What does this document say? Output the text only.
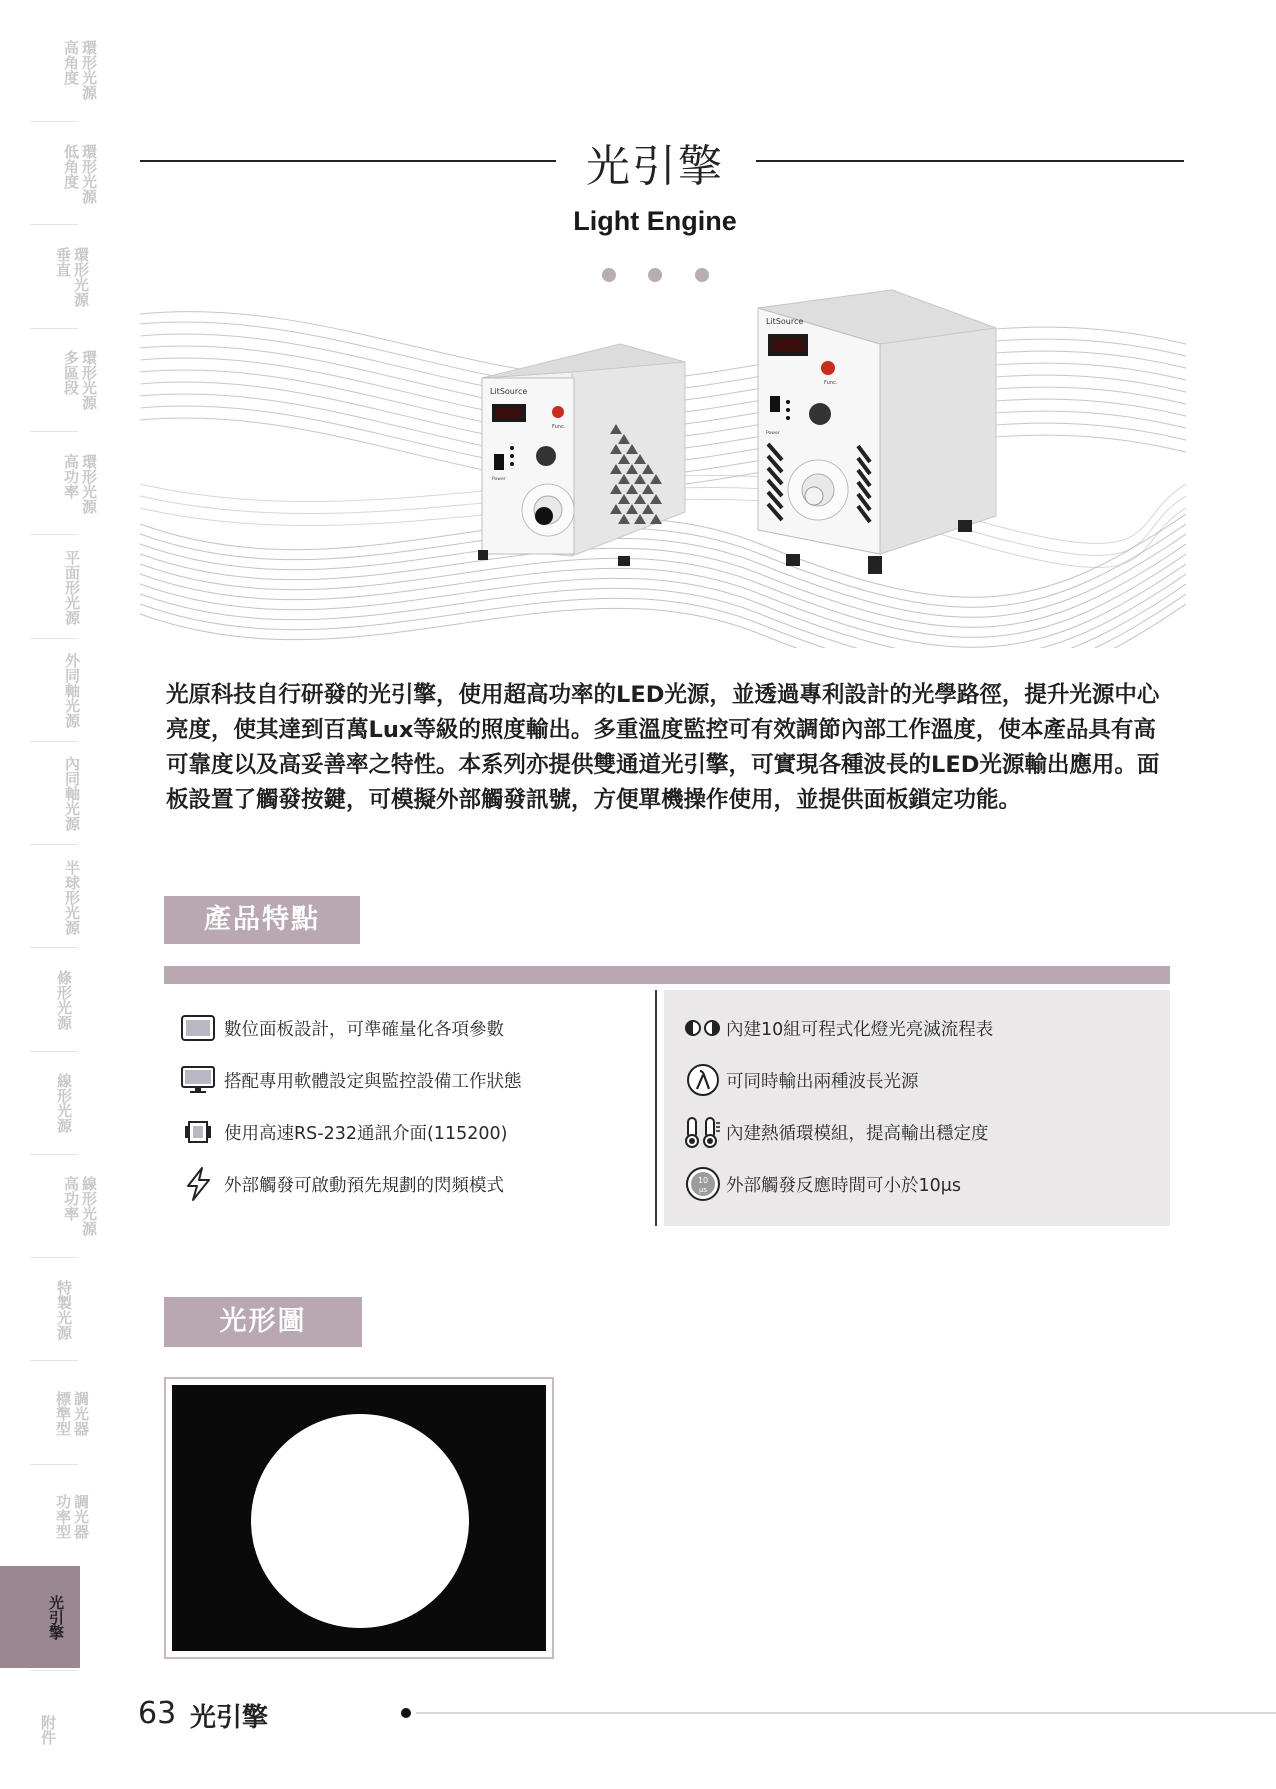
環形光源
高角度
環形光源
低角度
環形光源
垂直
環形光源
多區段
環形光源
高功率
平面形光源
外同軸光源
內同軸光源
半球形光源
條形光源
線形光源
線形光源
高功率
特製光源
調光器
標準型
調光器
功率型
光引擎
附件
光引擎
Light Engine
LitSource
Func.
Power
LitSource
Func.
Power

光原科技自行研發的光引擎，使用超高功率的LED光源，並透過專利設計的光學路徑，提升光源中心亮度，使其達到百萬Lux等級的照度輸出。多重溫度監控可有效調節內部工作溫度，使本產品具有高可靠度以及高妥善率之特性。本系列亦提供雙通道光引擎，可實現各種波長的LED光源輸出應用。面板設置了觸發按鍵，可模擬外部觸發訊號，方便單機操作使用，並提供面板鎖定功能。

產品特點
數位面板設計，可準確量化各項參數
搭配專用軟體設定與監控設備工作狀態
使用高速RS-232通訊介面(115200)
外部觸發可啟動預先規劃的閃頻模式
內建10組可程式化燈光亮滅流程表
可同時輸出兩種波長光源
內建熱循環模組，提高輸出穩定度
10
μs 外部觸發反應時間可小於10μs
光形圖
63 光引擎
